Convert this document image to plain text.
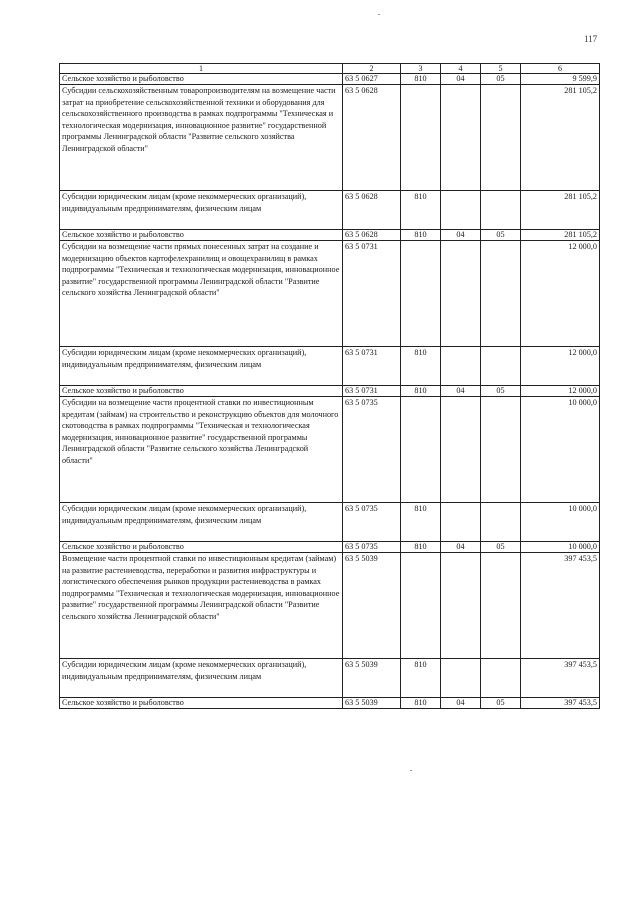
117
1	2	3	4	5	6
Сельское хозяйство и рыболовство	63 5 0627	810	04	05	9 599,9
Субсидии сельскохозяйственным товаропроизводителям на возмещение части затрат на приобретение сельскохозяйственной техники и оборудования для сельскохозяйственного производства в рамках подпрограммы "Техническая и технологическая модернизация, инновационное развитие" государственной программы Ленинградской области "Развитие сельского хозяйства Ленинградской области"	63 5 0628				281 105,2
Субсидии юридическим лицам (кроме некоммерческих организаций), индивидуальным предпринимателям, физическим лицам	63 5 0628	810			281 105,2
Сельское хозяйство и рыболовство	63 5 0628	810	04	05	281 105,2
Субсидии на возмещение части прямых понесенных затрат на создание и модернизацию объектов картофелехранилищ и овощехранилищ в рамках подпрограммы "Техническая и технологическая модернизация, инновационное развитие" государственной программы Ленинградской области "Развитие сельского хозяйства Ленинградской области"	63 5 0731				12 000,0
Субсидии юридическим лицам (кроме некоммерческих организаций), индивидуальным предпринимателям, физическим лицам	63 5 0731	810			12 000,0
Сельское хозяйство и рыболовство	63 5 0731	810	04	05	12 000,0
Субсидии на возмещение части процентной ставки по инвестиционным кредитам (займам) на строительство и реконструкцию объектов для молочного скотоводства в рамках подпрограммы "Техническая и технологическая модернизация, инновационное развитие" государственной программы Ленинградской области "Развитие сельского хозяйства Ленинградской области"	63 5 0735				10 000,0
Субсидии юридическим лицам (кроме некоммерческих организаций), индивидуальным предпринимателям, физическим лицам	63 5 0735	810			10 000,0
Сельское хозяйство и рыболовство	63 5 0735	810	04	05	10 000,0
Возмещение части процентной ставки по инвестиционным кредитам (займам) на развитие растениеводства, переработки и развития инфраструктуры и логистического обеспечения рынков продукции растениеводства в рамках подпрограммы "Техническая и технологическая модернизация, инновационное развитие" государственной программы Ленинградской области "Развитие сельского хозяйства Ленинградской области"	63 5 5039				397 453,5
Субсидии юридическим лицам (кроме некоммерческих организаций), индивидуальным предпринимателям, физическим лицам	63 5 5039	810			397 453,5
Сельское хозяйство и рыболовство	63 5 5039	810	04	05	397 453,5
